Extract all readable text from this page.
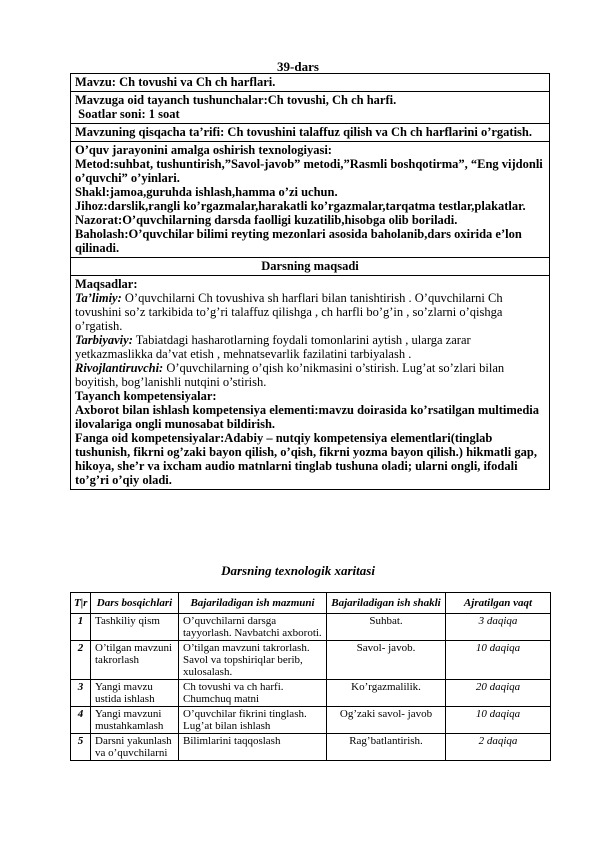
39-dars
Mavzu: Ch tovushi va Ch ch harflari.
Mavzuga oid tayanch tushunchalar:Ch tovushi, Ch ch harfi.
Soatlar soni: 1 soat
Mavzuning qisqacha ta’rifi: Ch tovushini talaffuz qilish va Ch ch harflarini o’rgatish.
O’quv jarayonini amalga oshirish texnologiyasi:
Metod:suhbat, tushuntirish,”Savol-javob” metodi,”Rasmli boshqotirma”, “Eng vijdonli o’quvchi” o’yinlari.
Shakl:jamoa,guruhda ishlash,hamma o’zi uchun.
Jihoz:darslik,rangli ko’rgazmalar,harakatli ko’rgazmalar,tarqatma testlar,plakatlar.
Nazorat:O’quvchilarning darsda faolligi kuzatilib,hisobga olib boriladi.
Baholash:O’quvchilar bilimi reyting mezonlari asosida baholanib,dars oxirida e’lon qilinadi.
Darsning maqsadi
Maqsadlar:
Ta’limiy: O’quvchilarni Ch tovushiva sh harflari bilan tanishtirish . O’quvchilarni Ch tovushini so’z tarkibida to’g’ri talaffuz qilishga , ch harfli bo’g’in , so’zlarni o’qishga o’rgatish.
Tarbiyaviy: Tabiatdagi hasharotlarning foydali tomonlarini aytish , ularga zarar yetkazmaslikka da’vat etish , mehnatsevarlik fazilatini tarbiyalash .
Rivojlantiruvchi: O’quvchilarning o’qish ko’nikmasini o’stirish. Lug’at so’zlari bilan boyitish, bog’lanishli nutqini o’stirish.
Tayanch kompetensiyalar:
Axborot bilan ishlash kompetensiya elementi:mavzu doirasida ko’rsatilgan multimedia ilovalariga ongli munosabat bildirish.
Fanga oid kompetensiyalar:Adabiy – nutqiy kompetensiya elementlari(tinglab tushunish, fikrni og’zaki bayon qilish, o’qish, fikrni yozma bayon qilish.) hikmatli gap, hikoya, she’r va ixcham audio matnlarni tinglab tushuna oladi; ularni ongli, ifodali to’g’ri o’qiy oladi.
Darsning texnologik xaritasi
T|r	Dars bosqichlari	Bajariladigan ish mazmuni	Bajariladigan ish shakli	Ajratilgan vaqt
1	Tashkiliy qism	O’quvchilarni darsga tayyorlash. Navbatchi axboroti.	Suhbat.	3 daqiqa
2	O’tilgan mavzuni takrorlash	O’tilgan mavzuni takrorlash. Savol va topshiriqlar berib, xulosalash.	Savol- javob.	10 daqiqa
3	Yangi mavzu ustida ishlash	Ch tovushi va ch harfi. Chumchuq matni	Ko’rgazmalilik.	20 daqiqa
4	Yangi mavzuni mustahkamlash	O’quvchilar fikrini tinglash. Lug’at bilan ishlash	Og’zaki savol- javob	10 daqiqa
5	Darsni yakunlash va o’quvchilarni	Bilimlarini taqqoslash	Rag’batlantirish.	2 daqiqa
